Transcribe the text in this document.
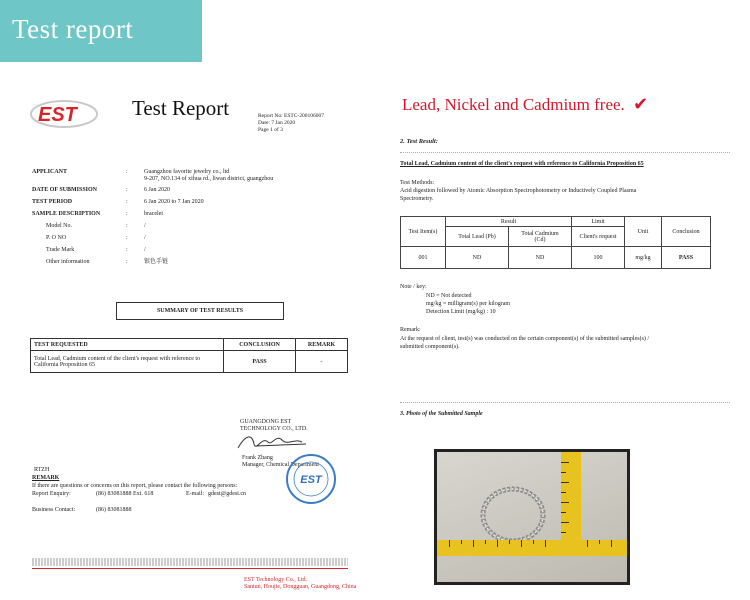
Test report
EST	Test Report	Report No: ESTC-200106007
Date: 7 Jan 2020
Page 1 of 3
APPLICANT	:	Guangzhou favorite jewelry co., ltd
9-207, NO.134 of xihua rd., liwan district, guangzhou
DATE OF SUBMISSION	:	6 Jan 2020
TEST PERIOD	:	6 Jan 2020 to 7 Jan 2020
SAMPLE DESCRIPTION	:	bracelet
Model No.	:	/
P. O NO	:	/
Trade Mark	:	/
Other information	:	银色手链
SUMMARY OF TEST RESULTS
TEST REQUESTED	CONCLUSION	REMARK
Total Lead, Cadmium content of the client's request with reference to California Proposition 65	PASS	-
GUANGDONG EST
TECHNOLOGY CO., LTD.
Frank Zhang
Manager, Chemical Department
EST
RTZH
REMARK
If there are questions or concerns on this report, please contact the following persons:
Report Enquiry:	(86) 83081888 Ext. 618	E-mail: gdest@gdest.cn
Business Contact:	(86) 83081888
EST Technology Co., Ltd.
Santun, Houjie, Dongguan, Guangdong, China
Lead, Nickel and Cadmium free. ✔
2. Test Result:
Total Lead, Cadmium content of the client's request with reference to California Proposition 65
Test Methods:
Acid digestion followed by Atomic Absorption Spectrophotometry or Inductively Coupled Plasma
Spectrometry.
Test Item(s)	Result		Limit	Unit	Conclusion
	Total Lead (Pb)	Total Cadmium
(Cd)	Client's request		
001	ND	ND	100	mg/kg	PASS
Note / key:
ND = Not detected
mg/kg = milligram(s) per kilogram
Detection Limit (mg/kg) : 10
Remark:
At the request of client, test(s) was conducted on the certain component(s) of the submitted samples(s) /
submitted component(s).
3. Photo of the Submitted Sample
